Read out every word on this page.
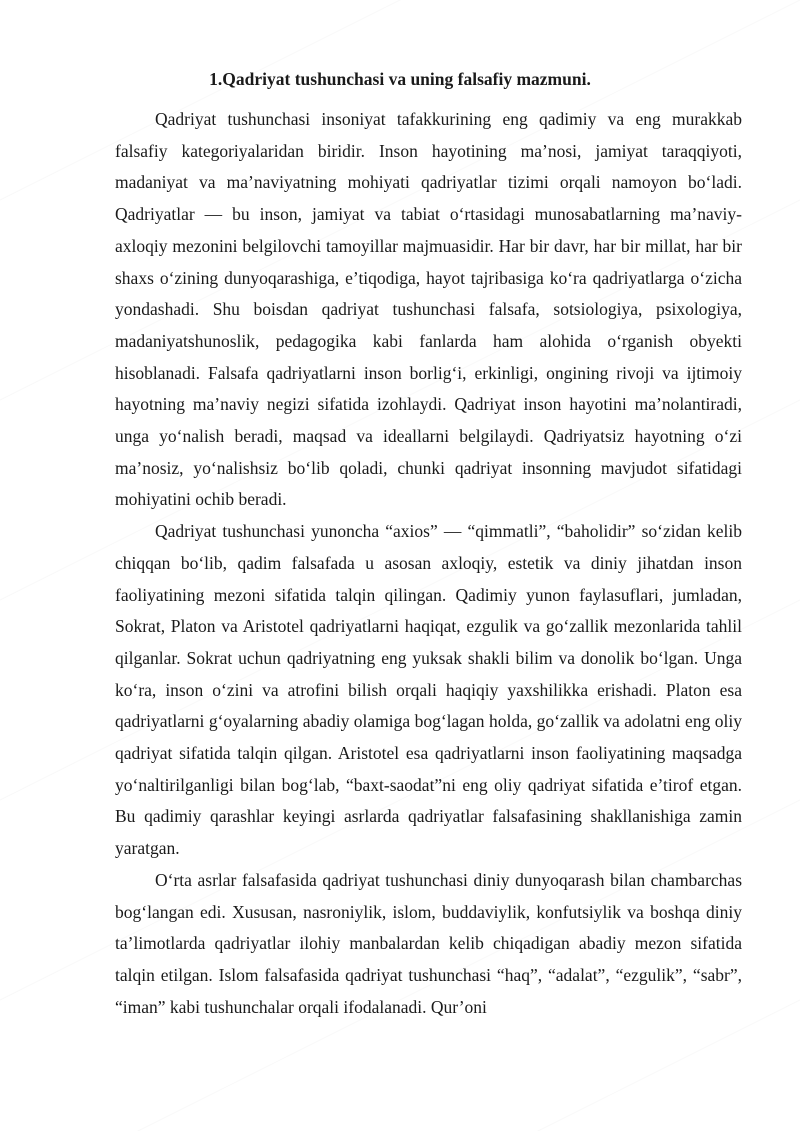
1.Qadriyat tushunchasi va uning falsafiy mazmuni.

Qadriyat tushunchasi insoniyat tafakkurining eng qadimiy va eng murakkab falsafiy kategoriyalaridan biridir. Inson hayotining ma’nosi, jamiyat taraqqiyoti, madaniyat va ma’naviyatning mohiyati qadriyatlar tizimi orqali namoyon bo‘ladi. Qadriyatlar — bu inson, jamiyat va tabiat o‘rtasidagi munosabatlarning ma’naviy-axloqiy mezonini belgilovchi tamoyillar majmuasidir. Har bir davr, har bir millat, har bir shaxs o‘zining dunyoqarashiga, e’tiqodiga, hayot tajribasiga ko‘ra qadriyatlarga o‘zicha yondashadi. Shu boisdan qadriyat tushunchasi falsafa, sotsiologiya, psixologiya, madaniyatshunoslik, pedagogika kabi fanlarda ham alohida o‘rganish obyekti hisoblanadi. Falsafa qadriyatlarni inson borlig‘i, erkinligi, ongining rivoji va ijtimoiy hayotning ma’naviy negizi sifatida izohlaydi. Qadriyat inson hayotini ma’nolantiradi, unga yo‘nalish beradi, maqsad va ideallarni belgilaydi. Qadriyatsiz hayotning o‘zi ma’nosiz, yo‘nalishsiz bo‘lib qoladi, chunki qadriyat insonning mavjudot sifatidagi mohiyatini ochib beradi.

Qadriyat tushunchasi yunoncha “axios” — “qimmatli”, “baholidir” so‘zidan kelib chiqqan bo‘lib, qadim falsafada u asosan axloqiy, estetik va diniy jihatdan inson faoliyatining mezoni sifatida talqin qilingan. Qadimiy yunon faylasuflari, jumladan, Sokrat, Platon va Aristotel qadriyatlarni haqiqat, ezgulik va go‘zallik mezonlarida tahlil qilganlar. Sokrat uchun qadriyatning eng yuksak shakli bilim va donolik bo‘lgan. Unga ko‘ra, inson o‘zini va atrofini bilish orqali haqiqiy yaxshilikka erishadi. Platon esa qadriyatlarni g‘oyalarning abadiy olamiga bog‘lagan holda, go‘zallik va adolatni eng oliy qadriyat sifatida talqin qilgan. Aristotel esa qadriyatlarni inson faoliyatining maqsadga yo‘naltirilganligi bilan bog‘lab, “baxt-saodat”ni eng oliy qadriyat sifatida e’tirof etgan. Bu qadimiy qarashlar keyingi asrlarda qadriyatlar falsafasining shakllanishiga zamin yaratgan.

O‘rta asrlar falsafasida qadriyat tushunchasi diniy dunyoqarash bilan chambarchas bog‘langan edi. Xususan, nasroniylik, islom, buddaviylik, konfutsiylik va boshqa diniy ta’limotlarda qadriyatlar ilohiy manbalardan kelib chiqadigan abadiy mezon sifatida talqin etilgan. Islom falsafasida qadriyat tushunchasi “haq”, “adalat”, “ezgulik”, “sabr”, “iman” kabi tushunchalar orqali ifodalanadi. Qur’oni
